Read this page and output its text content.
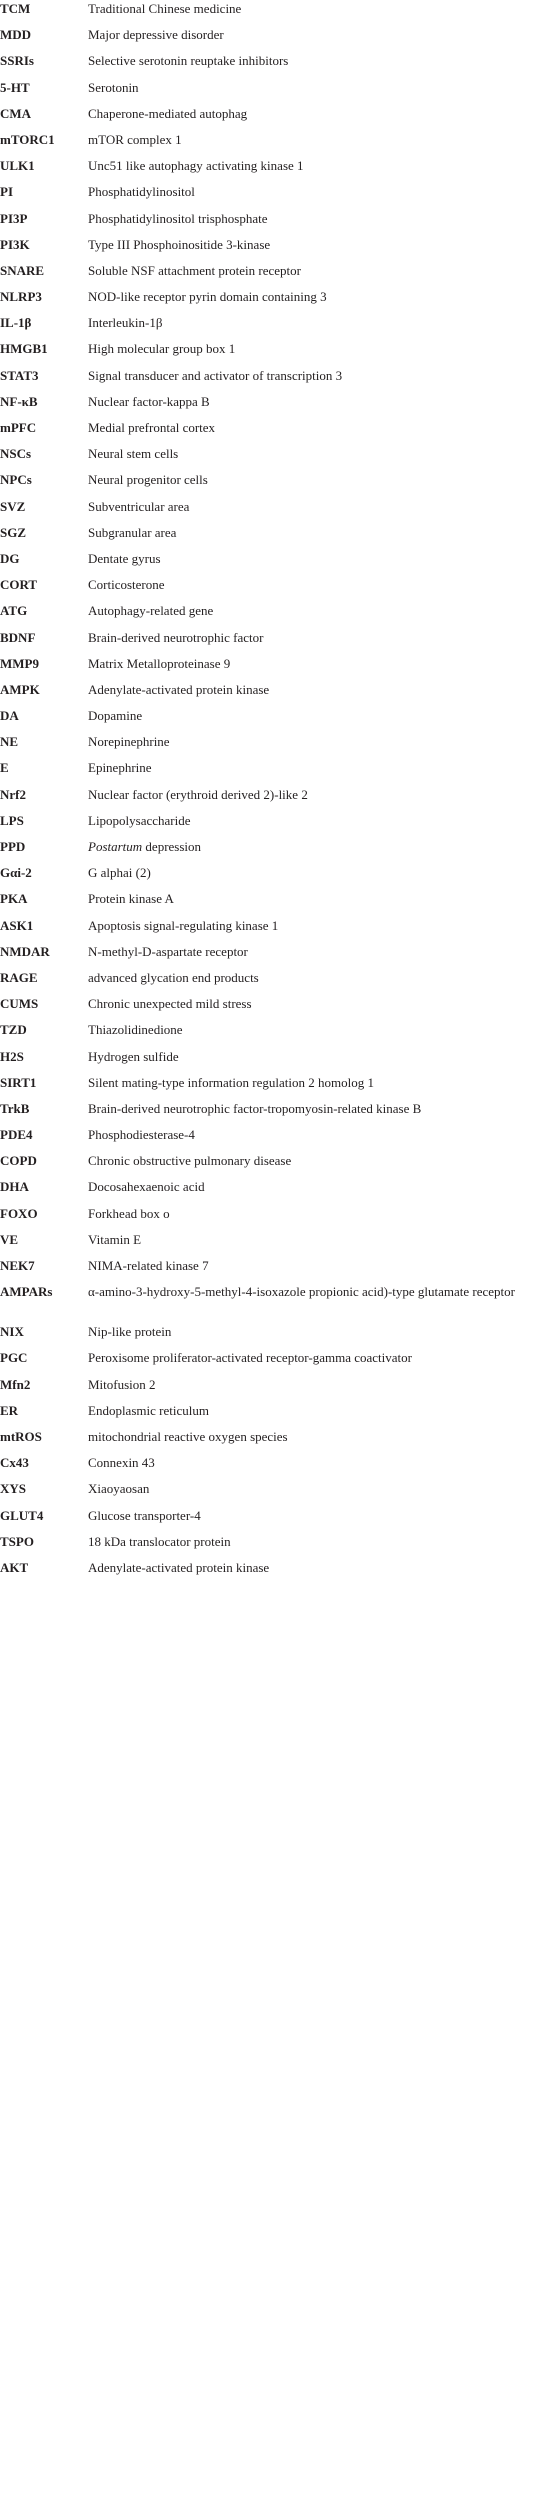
TCM	Traditional Chinese medicine
MDD	Major depressive disorder
SSRIs	Selective serotonin reuptake inhibitors
5-HT	Serotonin
CMA	Chaperone-mediated autophag
mTORC1	mTOR complex 1
ULK1	Unc51 like autophagy activating kinase 1
PI	Phosphatidylinositol
PI3P	Phosphatidylinositol trisphosphate
PI3K	Type III Phosphoinositide 3-kinase
SNARE	Soluble NSF attachment protein receptor
NLRP3	NOD-like receptor pyrin domain containing 3
IL-1β	Interleukin-1β
HMGB1	High molecular group box 1
STAT3	Signal transducer and activator of transcription 3
NF-κB	Nuclear factor-kappa B
mPFC	Medial prefrontal cortex
NSCs	Neural stem cells
NPCs	Neural progenitor cells
SVZ	Subventricular area
SGZ	Subgranular area
DG	Dentate gyrus
CORT	Corticosterone
ATG	Autophagy-related gene
BDNF	Brain-derived neurotrophic factor
MMP9	Matrix Metalloproteinase 9
AMPK	Adenylate-activated protein kinase
DA	Dopamine
NE	Norepinephrine
E	Epinephrine
Nrf2	Nuclear factor (erythroid derived 2)-like 2
LPS	Lipopolysaccharide
PPD	Postartum depression
Gαi-2	G alphai (2)
PKA	Protein kinase A
ASK1	Apoptosis signal-regulating kinase 1
NMDAR	N-methyl-D-aspartate receptor
RAGE	advanced glycation end products
CUMS	Chronic unexpected mild stress
TZD	Thiazolidinedione
H2S	Hydrogen sulfide
SIRT1	Silent mating-type information regulation 2 homolog 1
TrkB	Brain-derived neurotrophic factor-tropomyosin-related kinase B
PDE4	Phosphodiesterase-4
COPD	Chronic obstructive pulmonary disease
DHA	Docosahexaenoic acid
FOXO	Forkhead box o
VE	Vitamin E
NEK7	NIMA-related kinase 7
AMPARs	α-amino-3-hydroxy-5-methyl-4-isoxazole propionic acid)-type glutamate receptor
NIX	Nip-like protein
PGC	Peroxisome proliferator-activated receptor-gamma coactivator
Mfn2	Mitofusion 2
ER	Endoplasmic reticulum
mtROS	mitochondrial reactive oxygen species
Cx43	Connexin 43
XYS	Xiaoyaosan
GLUT4	Glucose transporter-4
TSPO	18 kDa translocator protein
AKT	Adenylate-activated protein kinase
